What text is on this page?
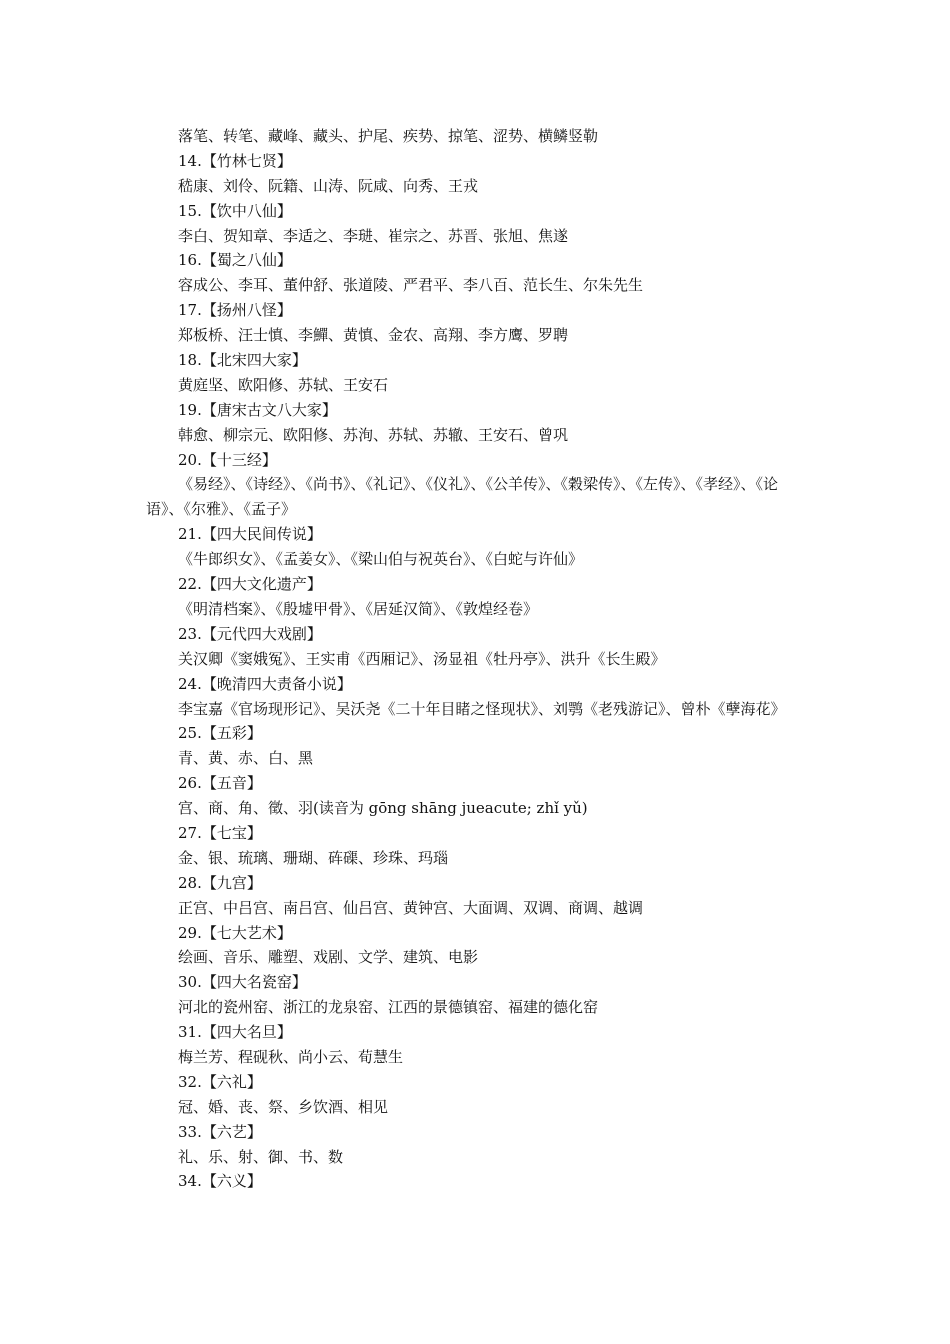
落笔、转笔、藏峰、藏头、护尾、疾势、掠笔、涩势、横鳞竖勒
14.【竹林七贤】
嵇康、刘伶、阮籍、山涛、阮咸、向秀、王戎
15.【饮中八仙】
李白、贺知章、李适之、李琎、崔宗之、苏晋、张旭、焦遂
16.【蜀之八仙】
容成公、李耳、董仲舒、张道陵、严君平、李八百、范长生、尔朱先生
17.【扬州八怪】
郑板桥、汪士慎、李鱓、黄慎、金农、高翔、李方鹰、罗聘
18.【北宋四大家】
黄庭坚、欧阳修、苏轼、王安石
19.【唐宋古文八大家】
韩愈、柳宗元、欧阳修、苏洵、苏轼、苏辙、王安石、曾巩
20.【十三经】
《易经》、《诗经》、《尚书》、《礼记》、《仪礼》、《公羊传》、《穀梁传》、《左传》、《孝经》、《论语》、《尔雅》、《孟子》
21.【四大民间传说】
《牛郎织女》、《孟姜女》、《梁山伯与祝英台》、《白蛇与许仙》
22.【四大文化遗产】
《明清档案》、《殷墟甲骨》、《居延汉简》、《敦煌经卷》
23.【元代四大戏剧】
关汉卿《窦娥冤》、王实甫《西厢记》、汤显祖《牡丹亭》、洪升《长生殿》
24.【晚清四大责备小说】
李宝嘉《官场现形记》、吴沃尧《二十年目睹之怪现状》、刘鹗《老残游记》、曾朴《孽海花》
25.【五彩】
青、黄、赤、白、黑
26.【五音】
宫、商、角、徵、羽(读音为 gōng shāng jueacute; zhǐ yǔ)
27.【七宝】
金、银、琉璃、珊瑚、砗磲、珍珠、玛瑙
28.【九宫】
正宫、中吕宫、南吕宫、仙吕宫、黄钟宫、大面调、双调、商调、越调
29.【七大艺术】
绘画、音乐、雕塑、戏剧、文学、建筑、电影
30.【四大名瓷窑】
河北的瓷州窑、浙江的龙泉窑、江西的景德镇窑、福建的德化窑
31.【四大名旦】
梅兰芳、程砚秋、尚小云、荀慧生
32.【六礼】
冠、婚、丧、祭、乡饮酒、相见
33.【六艺】
礼、乐、射、御、书、数
34.【六义】
